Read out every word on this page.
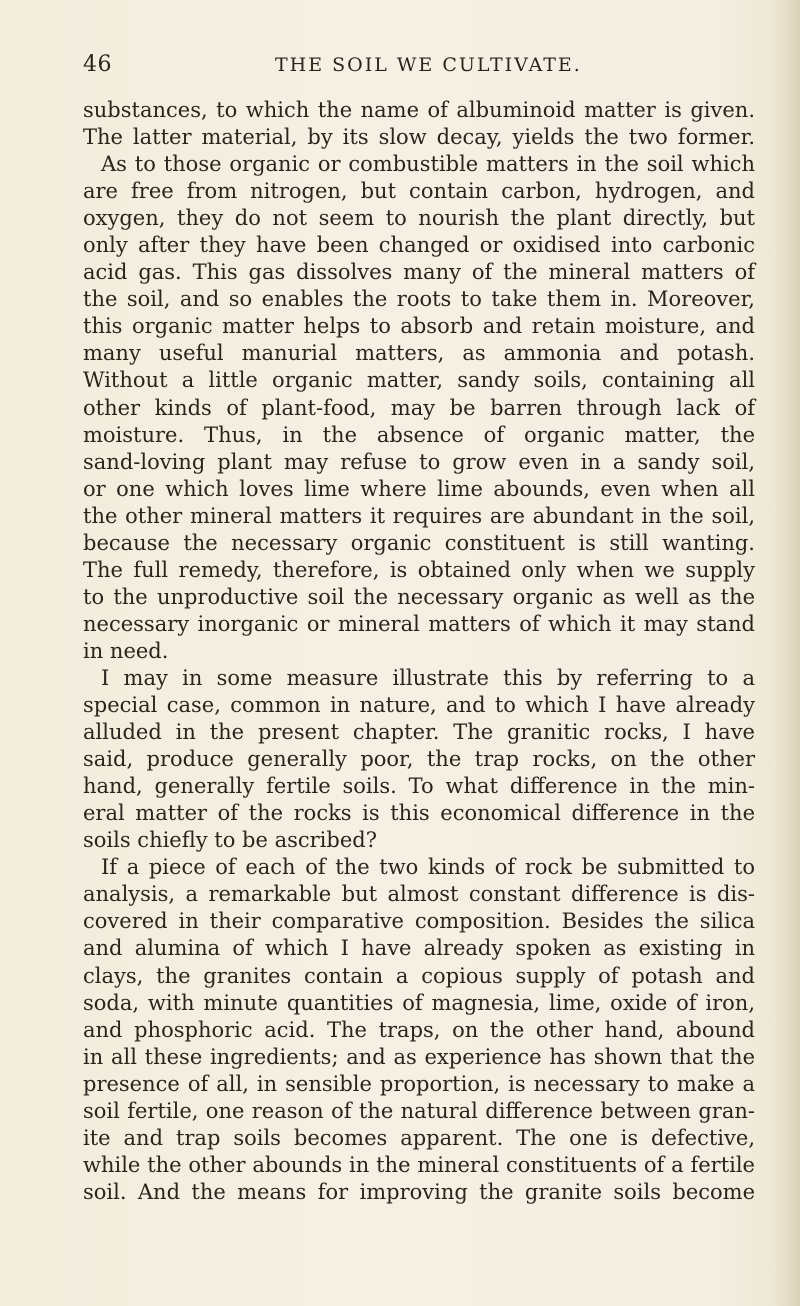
46	THE SOIL WE CULTIVATE.
substances, to which the name of albuminoid matter is given.
The latter material, by its slow decay, yields the two former.
As to those organic or combustible matters in the soil which
are free from nitrogen, but contain carbon, hydrogen, and
oxygen, they do not seem to nourish the plant directly, but
only after they have been changed or oxidised into carbonic
acid gas. This gas dissolves many of the mineral matters of
the soil, and so enables the roots to take them in. Moreover,
this organic matter helps to absorb and retain moisture, and
many useful manurial matters, as ammonia and potash.
Without a little organic matter, sandy soils, containing all
other kinds of plant-food, may be barren through lack of
moisture. Thus, in the absence of organic matter, the
sand-loving plant may refuse to grow even in a sandy soil,
or one which loves lime where lime abounds, even when all
the other mineral matters it requires are abundant in the soil,
because the necessary organic constituent is still wanting.
The full remedy, therefore, is obtained only when we supply
to the unproductive soil the necessary organic as well as the
necessary inorganic or mineral matters of which it may stand
in need.
I may in some measure illustrate this by referring to a
special case, common in nature, and to which I have already
alluded in the present chapter. The granitic rocks, I have
said, produce generally poor, the trap rocks, on the other
hand, generally fertile soils. To what difference in the min-
eral matter of the rocks is this economical difference in the
soils chiefly to be ascribed?
If a piece of each of the two kinds of rock be submitted to
analysis, a remarkable but almost constant difference is dis-
covered in their comparative composition. Besides the silica
and alumina of which I have already spoken as existing in
clays, the granites contain a copious supply of potash and
soda, with minute quantities of magnesia, lime, oxide of iron,
and phosphoric acid. The traps, on the other hand, abound
in all these ingredients; and as experience has shown that the
presence of all, in sensible proportion, is necessary to make a
soil fertile, one reason of the natural difference between gran-
ite and trap soils becomes apparent. The one is defective,
while the other abounds in the mineral constituents of a fertile
soil. And the means for improving the granite soils become
